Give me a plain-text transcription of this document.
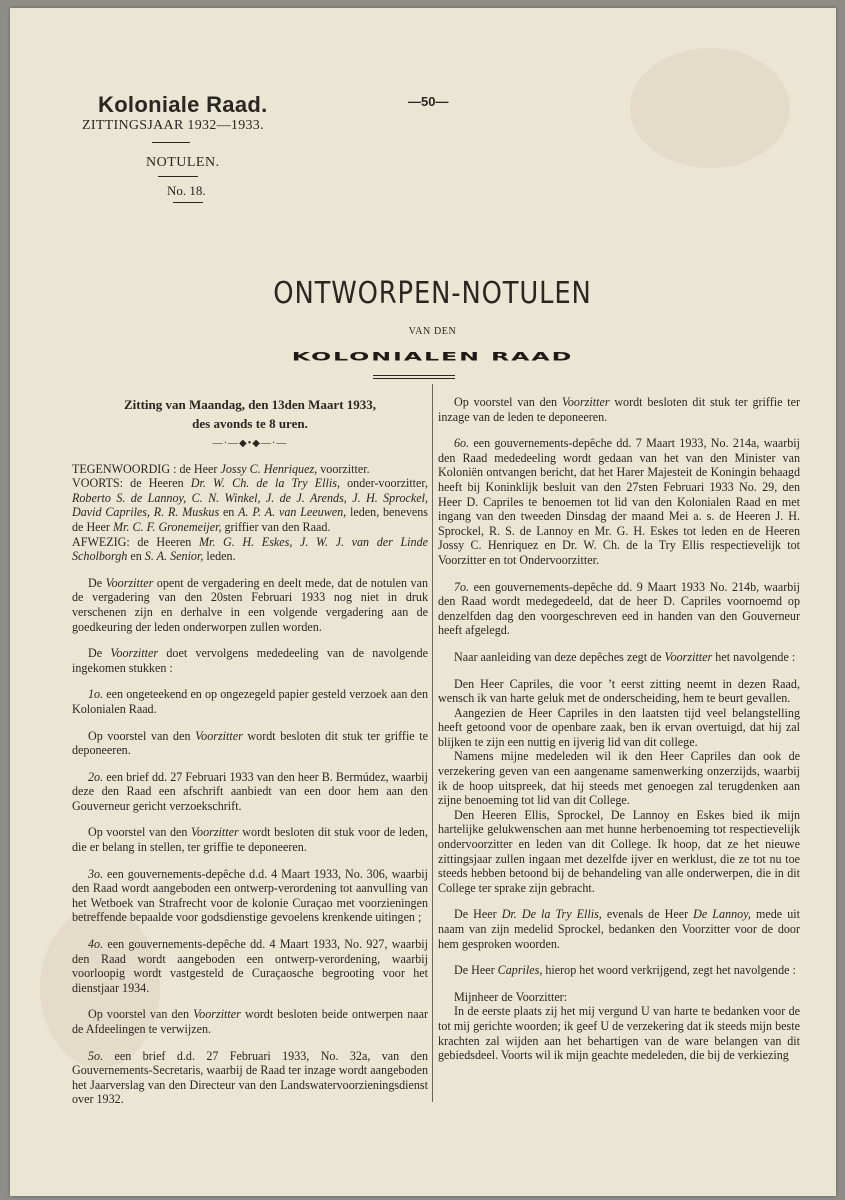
Koloniale Raad.
ZITTINGSJAAR 1932—1933.
NOTULEN.
No. 18.
—50—
ONTWORPEN-NOTULEN
VAN DEN
KOLONIALEN RAAD
Zitting van Maandag, den 13den Maart 1933,
des avonds te 8 uren.
—·—◆•◆—·—

TEGENWOORDIG : de Heer Jossy C. Henriquez, voorzitter.
VOORTS: de Heeren Dr. W. Ch. de la Try Ellis, onder-voorzitter, Roberto S. de Lannoy, C. N. Winkel, J. de J. Arends, J. H. Sprockel, David Capriles, R. R. Muskus en A. P. A. van Leeuwen, leden, benevens de Heer Mr. C. F. Gronemeijer, griffier van den Raad.

AFWEZIG: de Heeren Mr. G. H. Eskes, J. W. J. van der Linde Scholborgh en S. A. Senior, leden.

De Voorzitter opent de vergadering en deelt mede, dat de notulen van de vergadering van den 20sten Februari 1933 nog niet in druk verschenen zijn en derhalve in een volgende vergadering aan de goedkeuring der leden onderworpen zullen worden.

De Voorzitter doet vervolgens mededeeling van de navolgende ingekomen stukken :

1o. een ongeteekend en op ongezegeld papier gesteld verzoek aan den Kolonialen Raad.

Op voorstel van den Voorzitter wordt besloten dit stuk ter griffie te deponeeren.

2o. een brief dd. 27 Februari 1933 van den heer B. Bermúdez, waarbij deze den Raad een afschrift aanbiedt van een door hem aan den Gouverneur gericht verzoekschrift.

Op voorstel van den Voorzitter wordt besloten dit stuk voor de leden, die er belang in stellen, ter griffie te deponeeren.

3o. een gouvernements-depêche d.d. 4 Maart 1933, No. 306, waarbij den Raad wordt aangeboden een ontwerp-verordening tot aanvulling van het Wetboek van Strafrecht voor de kolonie Curaçao met voorzieningen betreffende bepaalde voor godsdienstige gevoelens krenkende uitingen ;

4o. een gouvernements-depêche dd. 4 Maart 1933, No. 927, waarbij den Raad wordt aangeboden een ontwerp-verordening, waarbij voorloopig wordt vastgesteld de Curaçaosche begrooting voor het dienstjaar 1934.

Op voorstel van den Voorzitter wordt besloten beide ontwerpen naar de Afdeelingen te verwijzen.

5o. een brief d.d. 27 Februari 1933, No. 32a, van den Gouvernements-Secretaris, waarbij de Raad ter inzage wordt aangeboden het Jaarverslag van den Directeur van den Landswatervoorzieningsdienst over 1932.

Op voorstel van den Voorzitter wordt besloten dit stuk ter griffie ter inzage van de leden te deponeeren.

6o. een gouvernements-depêche dd. 7 Maart 1933, No. 214a, waarbij den Raad mededeeling wordt gedaan van het van den Minister van Koloniën ontvangen bericht, dat het Harer Majesteit de Koningin behaagd heeft bij Koninklijk besluit van den 27sten Februari 1933 No. 29, den Heer D. Capriles te benoemen tot lid van den Kolonialen Raad en met ingang van den tweeden Dinsdag der maand Mei a. s. de Heeren J. H. Sprockel, R. S. de Lannoy en Mr. G. H. Eskes tot leden en de Heeren Jossy C. Henriquez en Dr. W. Ch. de la Try Ellis respectievelijk tot Voorzitter en tot Ondervoorzitter.

7o. een gouvernements-depêche dd. 9 Maart 1933 No. 214b, waarbij den Raad wordt medegedeeld, dat de heer D. Capriles voornoemd op denzelfden dag den voorgeschreven eed in handen van den Gouverneur heeft afgelegd.

Naar aanleiding van deze depêches zegt de Voorzitter het navolgende :

Den Heer Capriles, die voor ’t eerst zitting neemt in dezen Raad, wensch ik van harte geluk met de onderscheiding, hem te beurt gevallen.

Aangezien de Heer Capriles in den laatsten tijd veel belangstelling heeft getoond voor de openbare zaak, ben ik ervan overtuigd, dat hij zal blijken te zijn een nuttig en ijverig lid van dit college.

Namens mijne medeleden wil ik den Heer Capriles dan ook de verzekering geven van een aangename samenwerking onzerzijds, waarbij ik de hoop uitspreek, dat hij steeds met genoegen zal terugdenken aan zijne benoeming tot lid van dit College.

Den Heeren Ellis, Sprockel, De Lannoy en Eskes bied ik mijn hartelijke gelukwenschen aan met hunne herbenoeming tot respectievelijk ondervoorzitter en leden van dit College. Ik hoop, dat ze het nieuwe zittingsjaar zullen ingaan met dezelfde ijver en werklust, die ze tot nu toe steeds hebben betoond bij de behandeling van alle onderwerpen, die in dit College ter sprake zijn gebracht.

De Heer Dr. De la Try Ellis, evenals de Heer De Lannoy, mede uit naam van zijn medelid Sprockel, bedanken den Voorzitter voor de door hem gesproken woorden.

De Heer Capriles, hierop het woord verkrijgend, zegt het navolgende :

Mijnheer de Voorzitter:

In de eerste plaats zij het mij vergund U van harte te bedanken voor de tot mij gerichte woorden; ik geef U de verzekering dat ik steeds mijn beste krachten zal wijden aan het behartigen van de ware belangen van dit gebiedsdeel. Voorts wil ik mijn geachte medeleden, die bij de verkiezing
